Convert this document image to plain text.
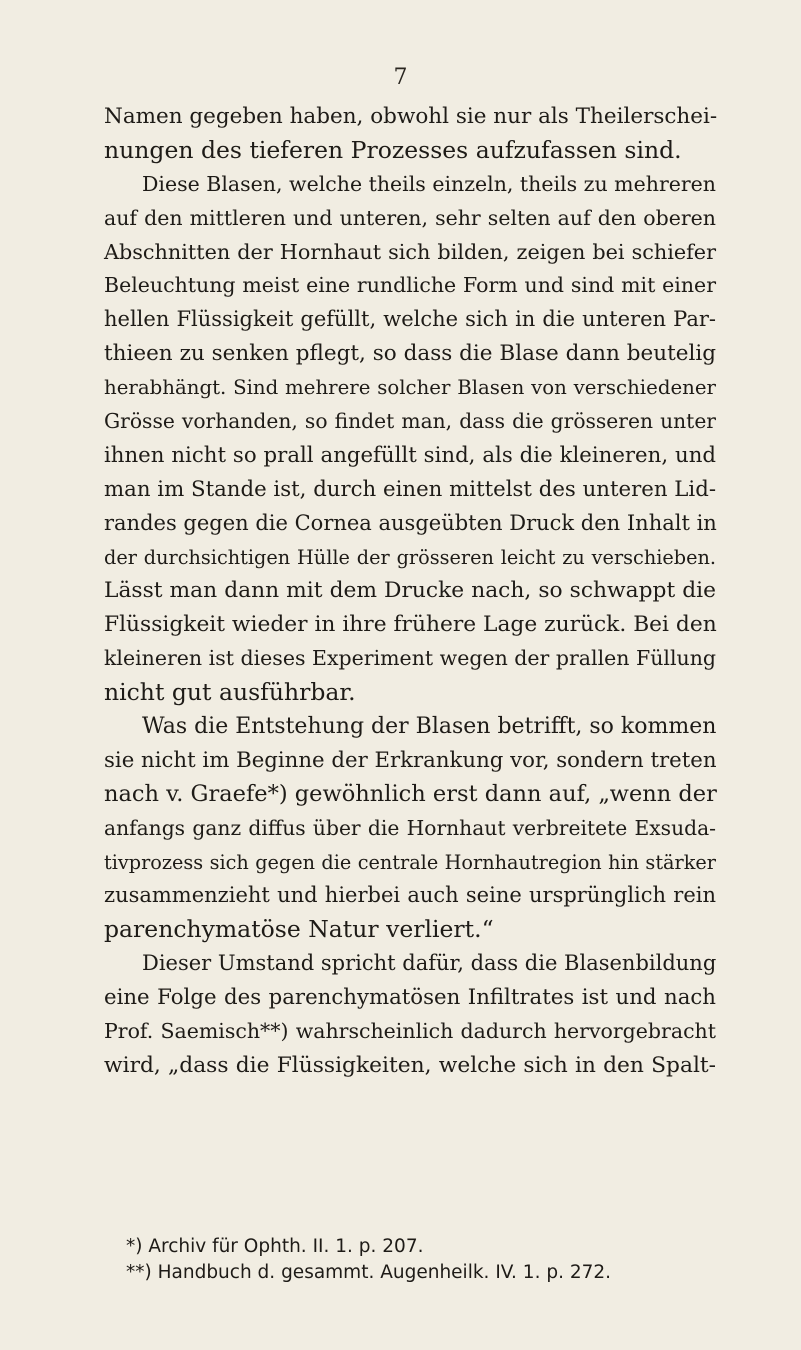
7
Namen gegeben haben, obwohl sie nur als Theilerschei-
nungen des tieferen Prozesses aufzufassen sind.
Diese Blasen, welche theils einzeln, theils zu mehreren
auf den mittleren und unteren, sehr selten auf den oberen
Abschnitten der Hornhaut sich bilden, zeigen bei schiefer
Beleuchtung meist eine rundliche Form und sind mit einer
hellen Flüssigkeit gefüllt, welche sich in die unteren Par-
thieen zu senken pflegt, so dass die Blase dann beutelig
herabhängt. Sind mehrere solcher Blasen von verschiedener
Grösse vorhanden, so findet man, dass die grösseren unter
ihnen nicht so prall angefüllt sind, als die kleineren, und
man im Stande ist, durch einen mittelst des unteren Lid-
randes gegen die Cornea ausgeübten Druck den Inhalt in
der durchsichtigen Hülle der grösseren leicht zu verschieben.
Lässt man dann mit dem Drucke nach, so schwappt die
Flüssigkeit wieder in ihre frühere Lage zurück. Bei den
kleineren ist dieses Experiment wegen der prallen Füllung
nicht gut ausführbar.
Was die Entstehung der Blasen betrifft, so kommen
sie nicht im Beginne der Erkrankung vor, sondern treten
nach v. Graefe*) gewöhnlich erst dann auf, „wenn der
anfangs ganz diffus über die Hornhaut verbreitete Exsuda-
tivprozess sich gegen die centrale Hornhautregion hin stärker
zusammenzieht und hierbei auch seine ursprünglich rein
parenchymatöse Natur verliert.“
Dieser Umstand spricht dafür, dass die Blasenbildung
eine Folge des parenchymatösen Infiltrates ist und nach
Prof. Saemisch**) wahrscheinlich dadurch hervorgebracht
wird, „dass die Flüssigkeiten, welche sich in den Spalt-
*) Archiv für Ophth. II. 1. p. 207.
**) Handbuch d. gesammt. Augenheilk. IV. 1. p. 272.
